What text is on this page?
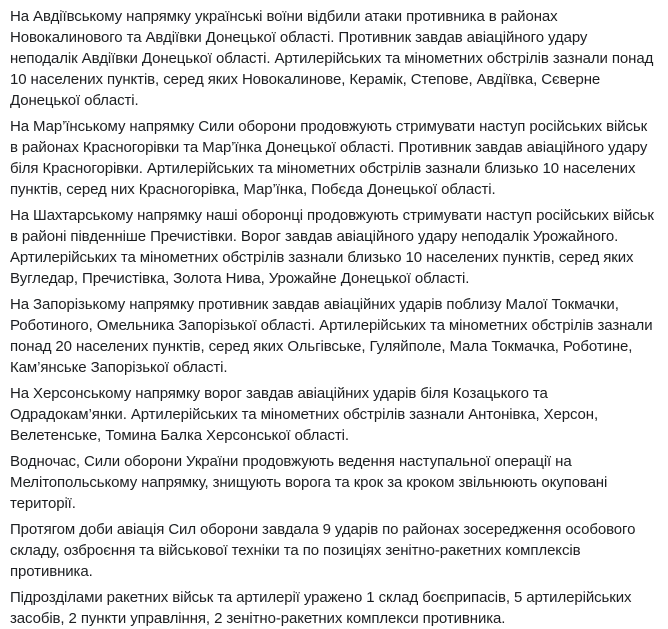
На Авдіївському напрямку українські воїни відбили атаки противника в районах Новокалинового та Авдіївки Донецької області. Противник завдав авіаційного удару неподалік Авдіївки Донецької області. Артилерійських та мінометних обстрілів зазнали понад 10 населених пунктів, серед яких Новокалинове, Керамік, Степове, Авдіївка, Сєверне Донецької області.

На Мар’їнському напрямку Сили оборони продовжують стримувати наступ російських військ в районах Красногорівки та Мар’їнка Донецької області. Противник завдав авіаційного удару біля Красногорівки. Артилерійських та мінометних обстрілів зазнали близько 10 населених пунктів, серед них Красногорівка, Мар’їнка, Побєда Донецької області.

На Шахтарському напрямку наші оборонці продовжують стримувати наступ російських військ в районі південніше Пречистівки. Ворог завдав авіаційного удару неподалік Урожайного. Артилерійських та мінометних обстрілів зазнали близько 10 населених пунктів, серед яких Вугледар, Пречистівка, Золота Нива, Урожайне Донецької області.

На Запорізькому напрямку противник завдав авіаційних ударів поблизу Малої Токмачки, Роботиного, Омельника Запорізької області. Артилерійських та мінометних обстрілів зазнали понад 20 населених пунктів, серед яких Ольгівське, Гуляйполе, Мала Токмачка, Роботине, Кам’янське Запорізької області.

На Херсонському напрямку ворог завдав авіаційних ударів біля Козацького та Одрадокам’янки. Артилерійських та мінометних обстрілів зазнали Антонівка, Херсон, Велетенське, Томина Балка Херсонської області.

Водночас, Сили оборони України продовжують ведення наступальної операції на Мелітопольському напрямку, знищують ворога та крок за кроком звільнюють окуповані території.

Протягом доби авіація Сил оборони завдала 9 ударів по районах зосередження особового складу, озброєння та військової техніки та по позиціях зенітно-ракетних комплексів противника.

Підрозділами ракетних військ та артилерії уражено 1 склад боєприпасів, 5 артилерійських засобів, 2 пункти управління, 2 зенітно-ракетних комплекси противника.
